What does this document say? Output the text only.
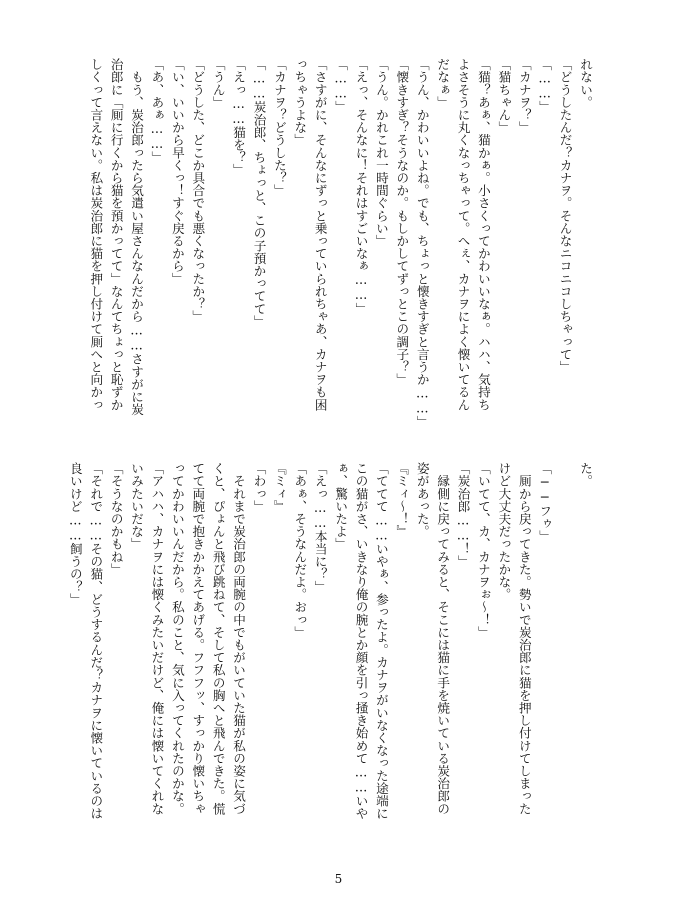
れない。
「どうしたんだ？カナヲ。そんなニコニコしちゃって」
「……」
「カナヲ？」
「猫ちゃん」
「猫？あぁ、猫かぁ。小さくってかわいいなぁ。ハハ、気持ち
よさそうに丸くなっちゃって。へぇ、カナヲによく懐いてるん
だなぁ」
「うん、かわいいよね。でも、ちょっと懐きすぎと言うか……」
「懐きすぎ？そうなのか。もしかしてずっとこの調子？」
「うん。かれこれ一時間ぐらい」
「えっ、そんなに！それはすごいなぁ……」
「……」
「さすがに、そんなにずっと乗っていられちゃあ、カナヲも困
っちゃうよな」
「カナヲ？どうした？」
「……炭治郎、ちょっと、この子預かってて」
「えっ……猫を？」
「うん」
「どうした、どこか具合でも悪くなったか？」
「い、いいから早くっ！すぐ戻るから」
「あ、あぁ……」
　もう、炭治郎ったら気遣い屋さんなんだから……さすがに炭
治郎に「厠に行くから猫を預かってて」なんてちょっと恥ずか
しくって言えない。私は炭治郎に猫を押し付けて厠へと向かっ
た。

「──フゥ」
　厠から戻ってきた。勢いで炭治郎に猫を押し付けてしまった
けど大丈夫だったかな。
「いてて、カ、カナヲぉ～！」
「炭治郎……！」
　縁側に戻ってみると、そこには猫に手を焼いている炭治郎の
姿があった。
『ミィ～！』
「ててて……いやぁ、参ったよ。カナヲがいなくなった途端に
この猫がさ、いきなり俺の腕とか顔を引っ掻き始めて……いや
ぁ、驚いたよ」
「えっ……本当に？」
「あぁ、そうなんだよ。おっ」
『ミィ』
「わっ」
　それまで炭治郎の両腕の中でもがいていた猫が私の姿に気づ
くと、ぴょんと飛び跳ねて、そして私の胸へと飛んできた。慌
てて両腕で抱きかかえてあげる。フフフッ、すっかり懐いちゃ
ってかわいいんだから。私のこと、気に入ってくれたのかな。
「アハハ、カナヲには懐くみたいだけど、俺には懐いてくれな
いみたいだな」
「そうなのかもね」
「それで……その猫、どうするんだ？カナヲに懐いているのは
良いけど……飼うの？」
5
